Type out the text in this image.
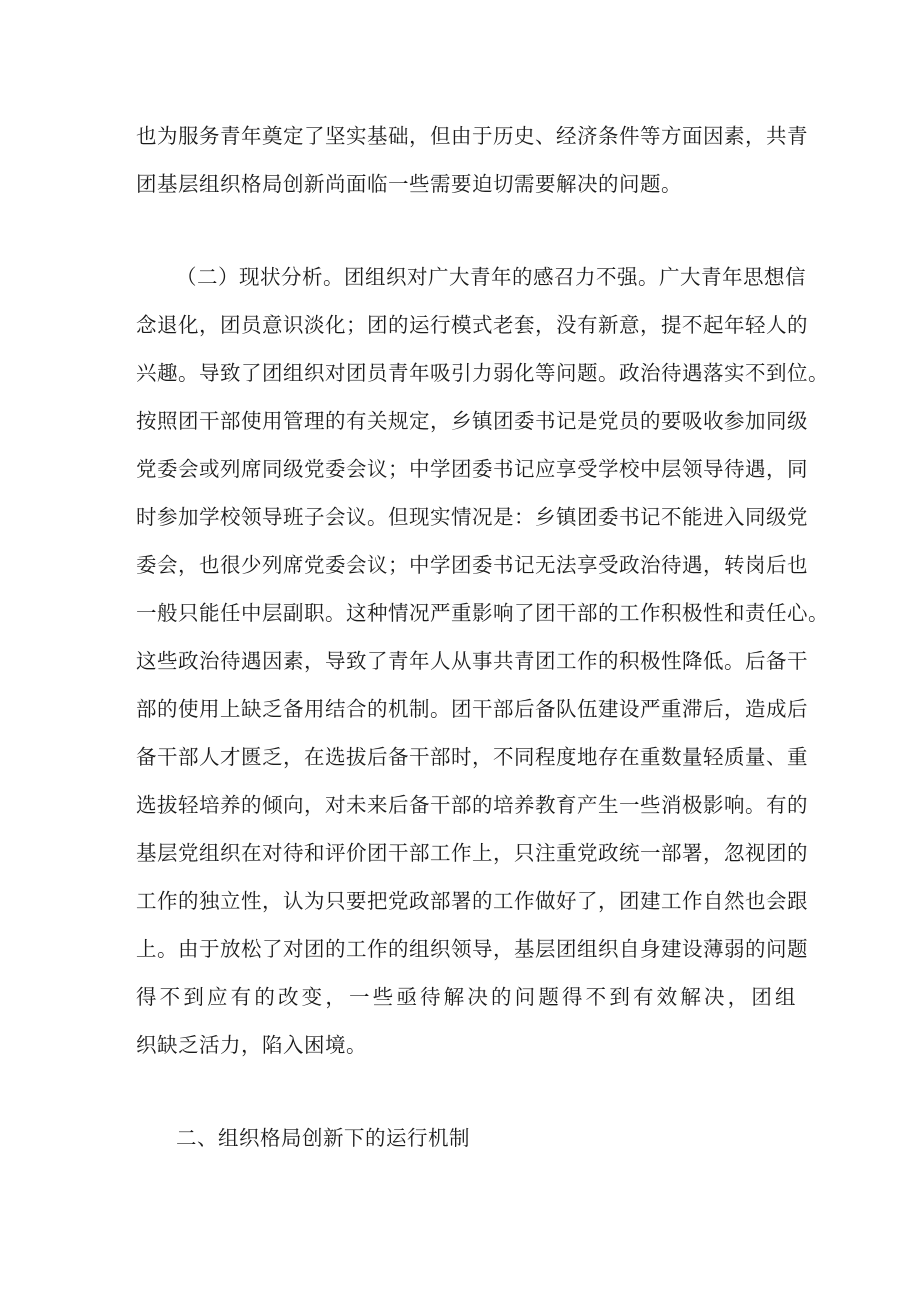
也为服务青年奠定了坚实基础，但由于历史、经济条件等方面因素，共青
团基层组织格局创新尚面临一些需要迫切需要解决的问题。
（二）现状分析。团组织对广大青年的感召力不强。广大青年思想信
念退化，团员意识淡化；团的运行模式老套，没有新意，提不起年轻人的
兴趣。导致了团组织对团员青年吸引力弱化等问题。政治待遇落实不到位。
按照团干部使用管理的有关规定，乡镇团委书记是党员的要吸收参加同级
党委会或列席同级党委会议；中学团委书记应享受学校中层领导待遇，同
时参加学校领导班子会议。但现实情况是：乡镇团委书记不能进入同级党
委会，也很少列席党委会议；中学团委书记无法享受政治待遇，转岗后也
一般只能任中层副职。这种情况严重影响了团干部的工作积极性和责任心。
这些政治待遇因素，导致了青年人从事共青团工作的积极性降低。后备干
部的使用上缺乏备用结合的机制。团干部后备队伍建设严重滞后，造成后
备干部人才匮乏，在选拔后备干部时，不同程度地存在重数量轻质量、重
选拔轻培养的倾向，对未来后备干部的培养教育产生一些消极影响。有的
基层党组织在对待和评价团干部工作上，只注重党政统一部署，忽视团的
工作的独立性，认为只要把党政部署的工作做好了，团建工作自然也会跟
上。由于放松了对团的工作的组织领导，基层团组织自身建设薄弱的问题
得不到应有的改变，一些亟待解决的问题得不到有效解决，团组
织缺乏活力，陷入困境。
二、组织格局创新下的运行机制
